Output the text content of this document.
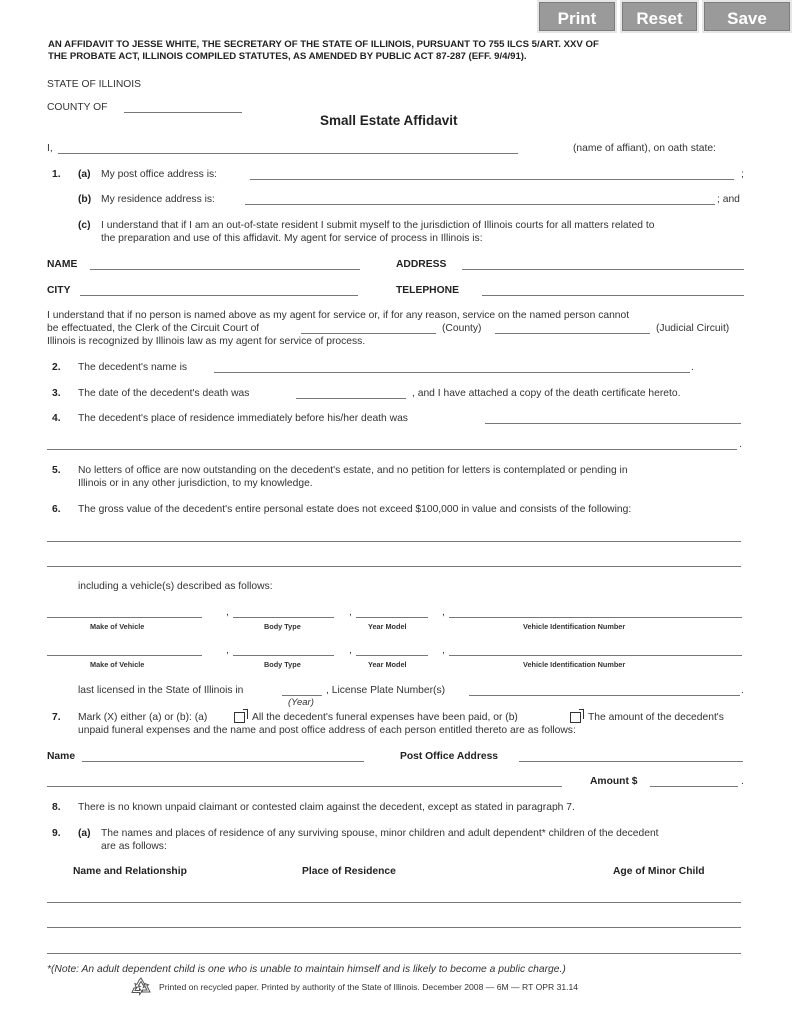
Print	Reset	Save
AN AFFIDAVIT TO JESSE WHITE, THE SECRETARY OF THE STATE OF ILLINOIS, PURSUANT TO 755 ILCS 5/ART. XXV OF
THE PROBATE ACT, ILLINOIS COMPILED STATUTES, AS AMENDED BY PUBLIC ACT 87-287 (EFF. 9/4/91).
STATE OF ILLINOIS
COUNTY OF
Small Estate Affidavit
I,	(name of affiant), on oath state:
1. (a) My post office address is:	;
(b) My residence address is:	; and
(c) I understand that if I am an out-of-state resident I submit myself to the jurisdiction of Illinois courts for all matters related to
the preparation and use of this affidavit. My agent for service of process in Illinois is:
NAME	ADDRESS
CITY	TELEPHONE
I understand that if no person is named above as my agent for service or, if for any reason, service on the named person cannot
be effectuated, the Clerk of the Circuit Court of	(County)	(Judicial Circuit)
Illinois is recognized by Illinois law as my agent for service of process.
2. The decedent's name is	.
3. The date of the decedent's death was	, and I have attached a copy of the death certificate hereto.
4. The decedent's place of residence immediately before his/her death was
.
5. No letters of office are now outstanding on the decedent's estate, and no petition for letters is contemplated or pending in
Illinois or in any other jurisdiction, to my knowledge.
6. The gross value of the decedent's entire personal estate does not exceed $100,000 in value and consists of the following:
including a vehicle(s) described as follows:
,	,	,
Make of Vehicle	Body Type	Year Model	Vehicle Identification Number
,	,	,
Make of Vehicle	Body Type	Year Model	Vehicle Identification Number
last licensed in the State of Illinois in	, License Plate Number(s)	.
(Year)
7. Mark (X) either (a) or (b): (a)	All the decedent's funeral expenses have been paid, or (b)	The amount of the decedent's
unpaid funeral expenses and the name and post office address of each person entitled thereto are as follows:
Name	Post Office Address
Amount $	.
8. There is no known unpaid claimant or contested claim against the decedent, except as stated in paragraph 7.
9. (a) The names and places of residence of any surviving spouse, minor children and adult dependent* children of the decedent
are as follows:
Name and Relationship	Place of Residence	Age of Minor Child
*(Note: An adult dependent child is one who is unable to maintain himself and is likely to become a public charge.)
Printed on recycled paper. Printed by authority of the State of Illinois. December 2008 — 6M — RT OPR 31.14
